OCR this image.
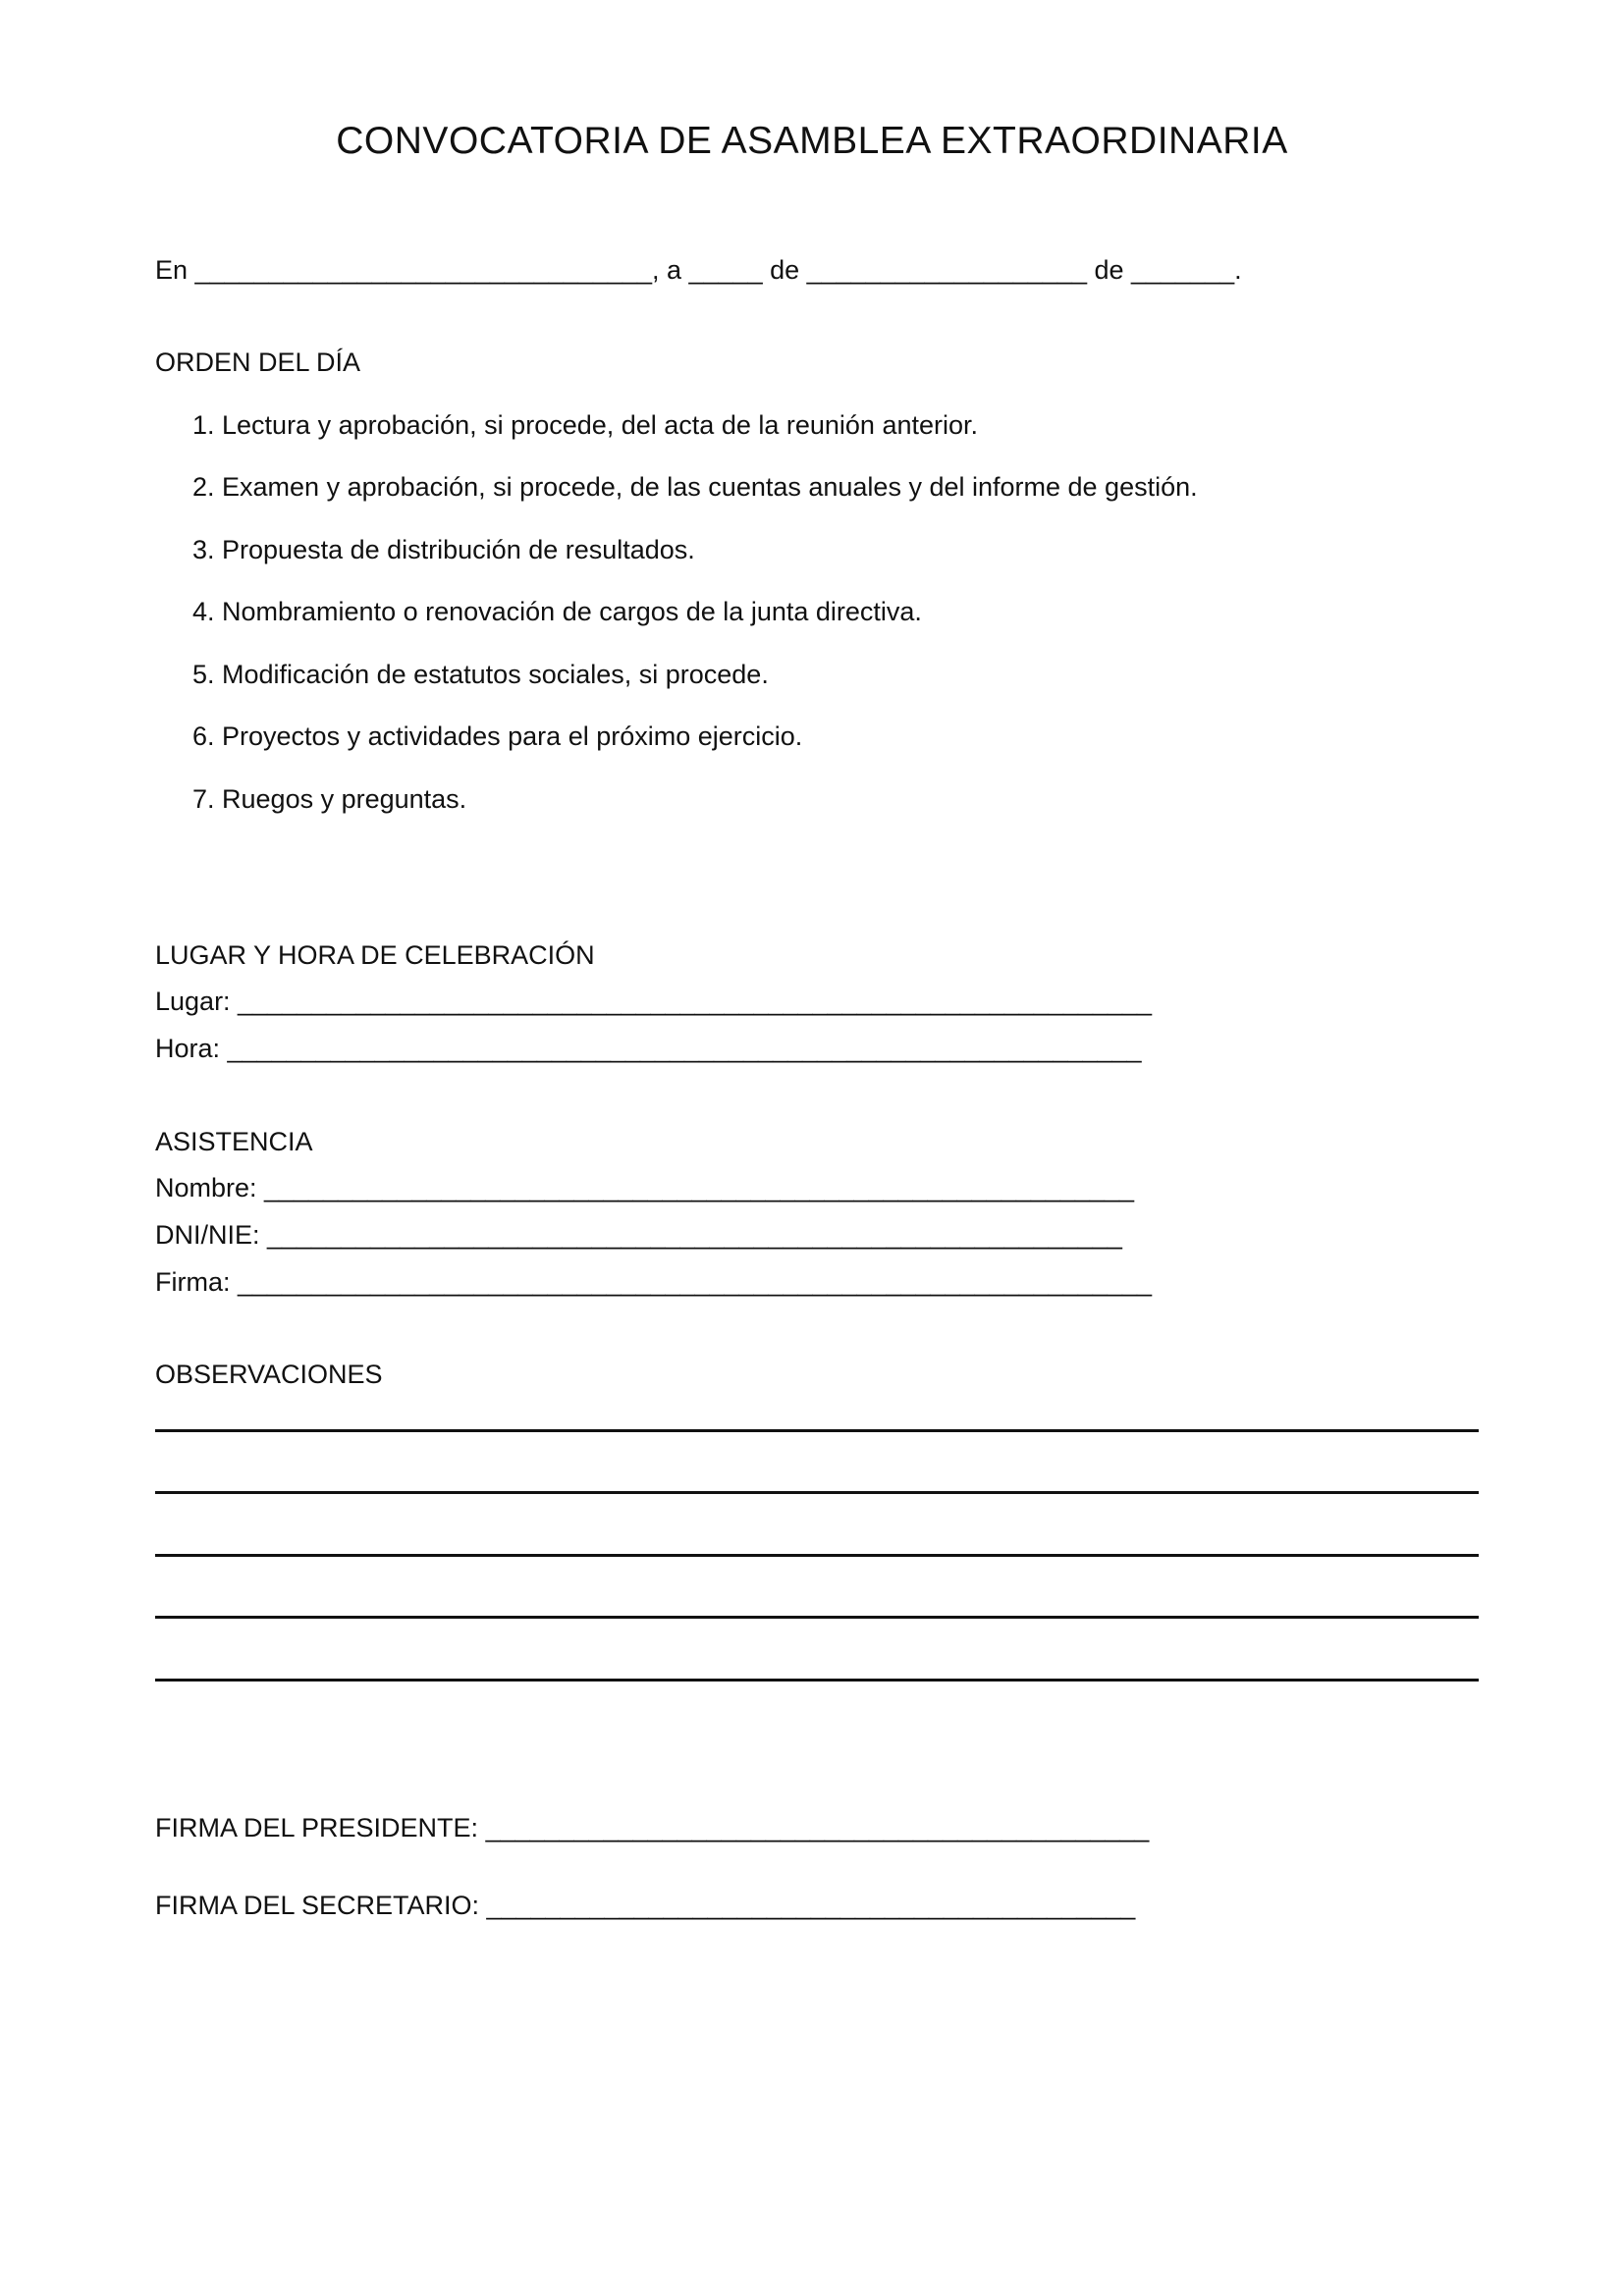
CONVOCATORIA DE ASAMBLEA EXTRAORDINARIA
En _______________________________, a _____ de ___________________ de _______.
ORDEN DEL DÍA
1. Lectura y aprobación, si procede, del acta de la reunión anterior.
2. Examen y aprobación, si procede, de las cuentas anuales y del informe de gestión.
3. Propuesta de distribución de resultados.
4. Nombramiento o renovación de cargos de la junta directiva.
5. Modificación de estatutos sociales, si procede.
6. Proyectos y actividades para el próximo ejercicio.
7. Ruegos y preguntas.
LUGAR Y HORA DE CELEBRACIÓN
Lugar: ______________________________________________________________
Hora: ______________________________________________________________
ASISTENCIA
Nombre: ___________________________________________________________
DNI/NIE: __________________________________________________________
Firma: ______________________________________________________________
OBSERVACIONES
FIRMA DEL PRESIDENTE: _____________________________________________
FIRMA DEL SECRETARIO: ____________________________________________
